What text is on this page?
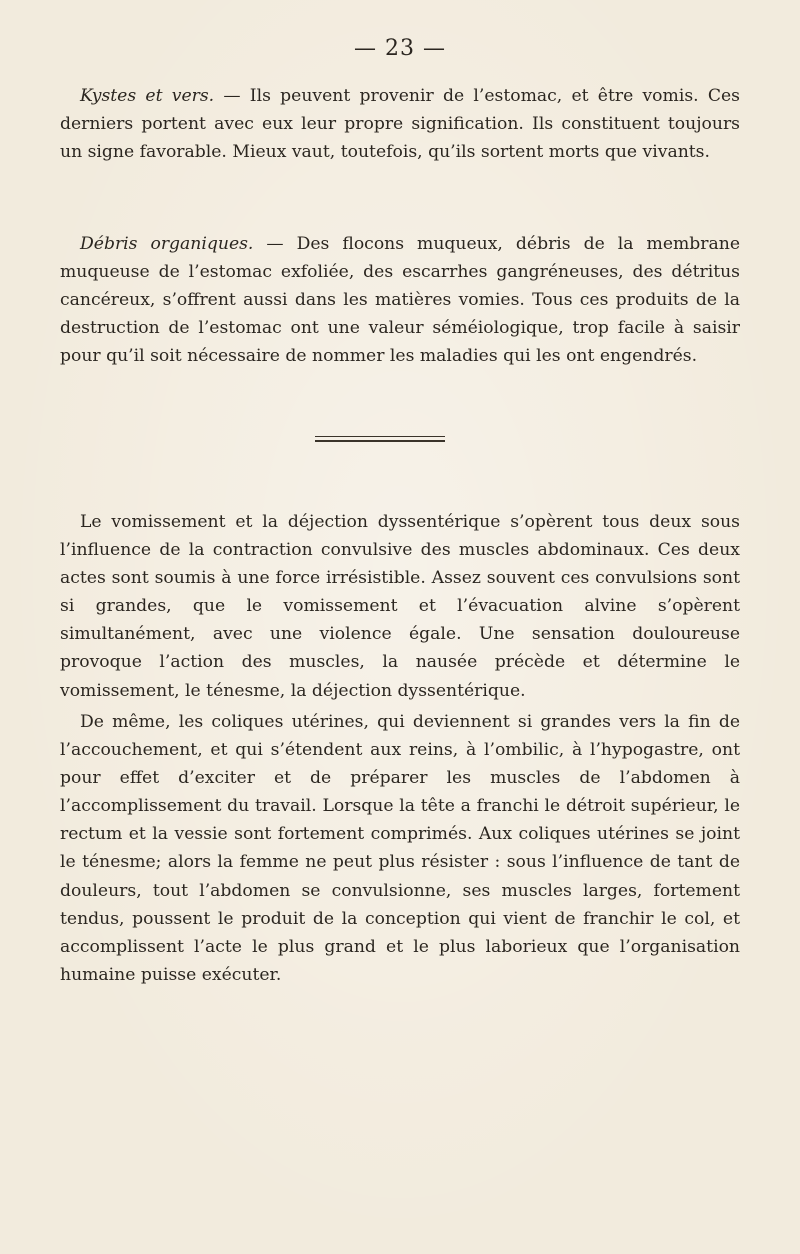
— 23 —

Kystes et vers. — Ils peuvent provenir de l’estomac, et être vomis. Ces derniers portent avec eux leur propre signification. Ils constituent toujours un signe favorable. Mieux vaut, toutefois, qu’ils sortent morts que vivants.

Débris organiques. — Des flocons muqueux, débris de la membrane muqueuse de l’estomac exfoliée, des escarrhes gangréneuses, des détritus cancéreux, s’offrent aussi dans les matières vomies. Tous ces produits de la destruction de l’estomac ont une valeur séméiologique, trop facile à saisir pour qu’il soit nécessaire de nommer les maladies qui les ont engendrés.

Le vomissement et la déjection dyssentérique s’opèrent tous deux sous l’influence de la contraction convulsive des muscles abdominaux. Ces deux actes sont soumis à une force irrésistible. Assez souvent ces convulsions sont si grandes, que le vomissement et l’évacuation alvine s’opèrent simultanément, avec une violence égale. Une sensation douloureuse provoque l’action des muscles, la nausée précède et détermine le vomissement, le ténesme, la déjection dyssentérique.

De même, les coliques utérines, qui deviennent si grandes vers la fin de l’accouchement, et qui s’étendent aux reins, à l’ombilic, à l’hypogastre, ont pour effet d’exciter et de préparer les muscles de l’abdomen à l’accomplissement du travail. Lorsque la tête a franchi le détroit supérieur, le rectum et la vessie sont fortement comprimés. Aux coliques utérines se joint le ténesme; alors la femme ne peut plus résister : sous l’influence de tant de douleurs, tout l’abdomen se convulsionne, ses muscles larges, fortement tendus, poussent le produit de la conception qui vient de franchir le col, et accomplissent l’acte le plus grand et le plus laborieux que l’organisation humaine puisse exécuter.
